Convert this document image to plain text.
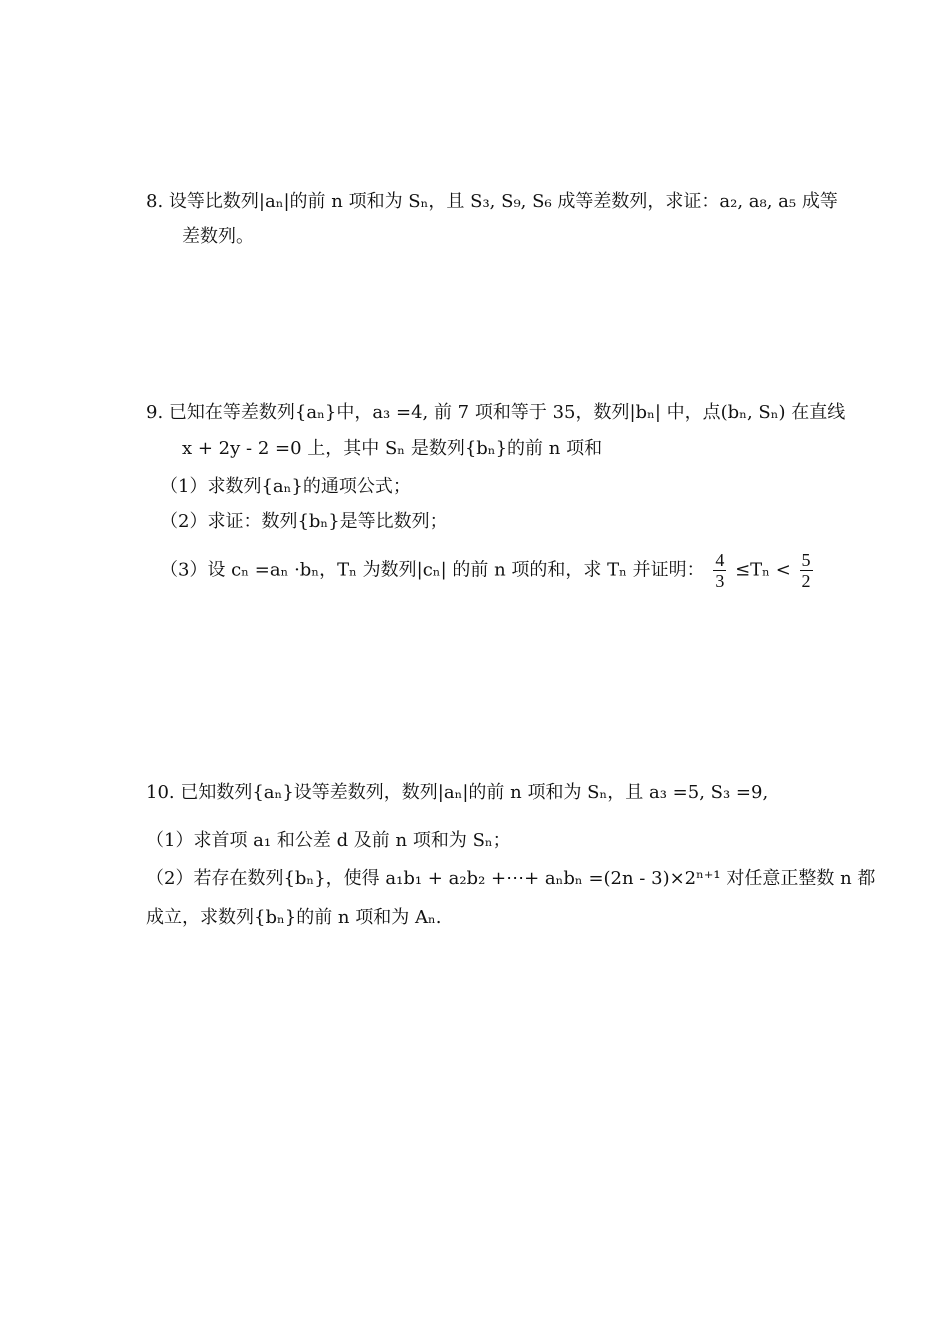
8. 设等比数列|aₙ|的前 n 项和为 Sₙ，且 S₃, S₉, S₆ 成等差数列，求证：a₂, a₈, a₅ 成等
差数列。
9. 已知在等差数列{aₙ}中，a₃ =4, 前 7 项和等于 35，数列|bₙ| 中，点(bₙ, Sₙ) 在直线
x + 2y - 2 =0 上，其中 Sₙ 是数列{bₙ}的前 n 项和
（1）求数列{aₙ}的通项公式；
（2）求证：数列{bₙ}是等比数列；
（3）设 cₙ =aₙ ·bₙ，Tₙ 为数列|cₙ| 的前 n 项的和，求 Tₙ 并证明： $\frac{4}{3} \le T_n < \frac{5}{2}$
10. 已知数列{aₙ}设等差数列，数列|aₙ|的前 n 项和为 Sₙ，且 a₃ =5, S₃ =9,
（1）求首项 a₁ 和公差 d 及前 n 项和为 Sₙ；
（2）若存在数列{bₙ}，使得 a₁b₁ + a₂b₂ +⋯+ aₙbₙ =(2n - 3)×2ⁿ⁺¹ 对任意正整数 n 都
成立，求数列{bₙ}的前 n 项和为 Aₙ.
